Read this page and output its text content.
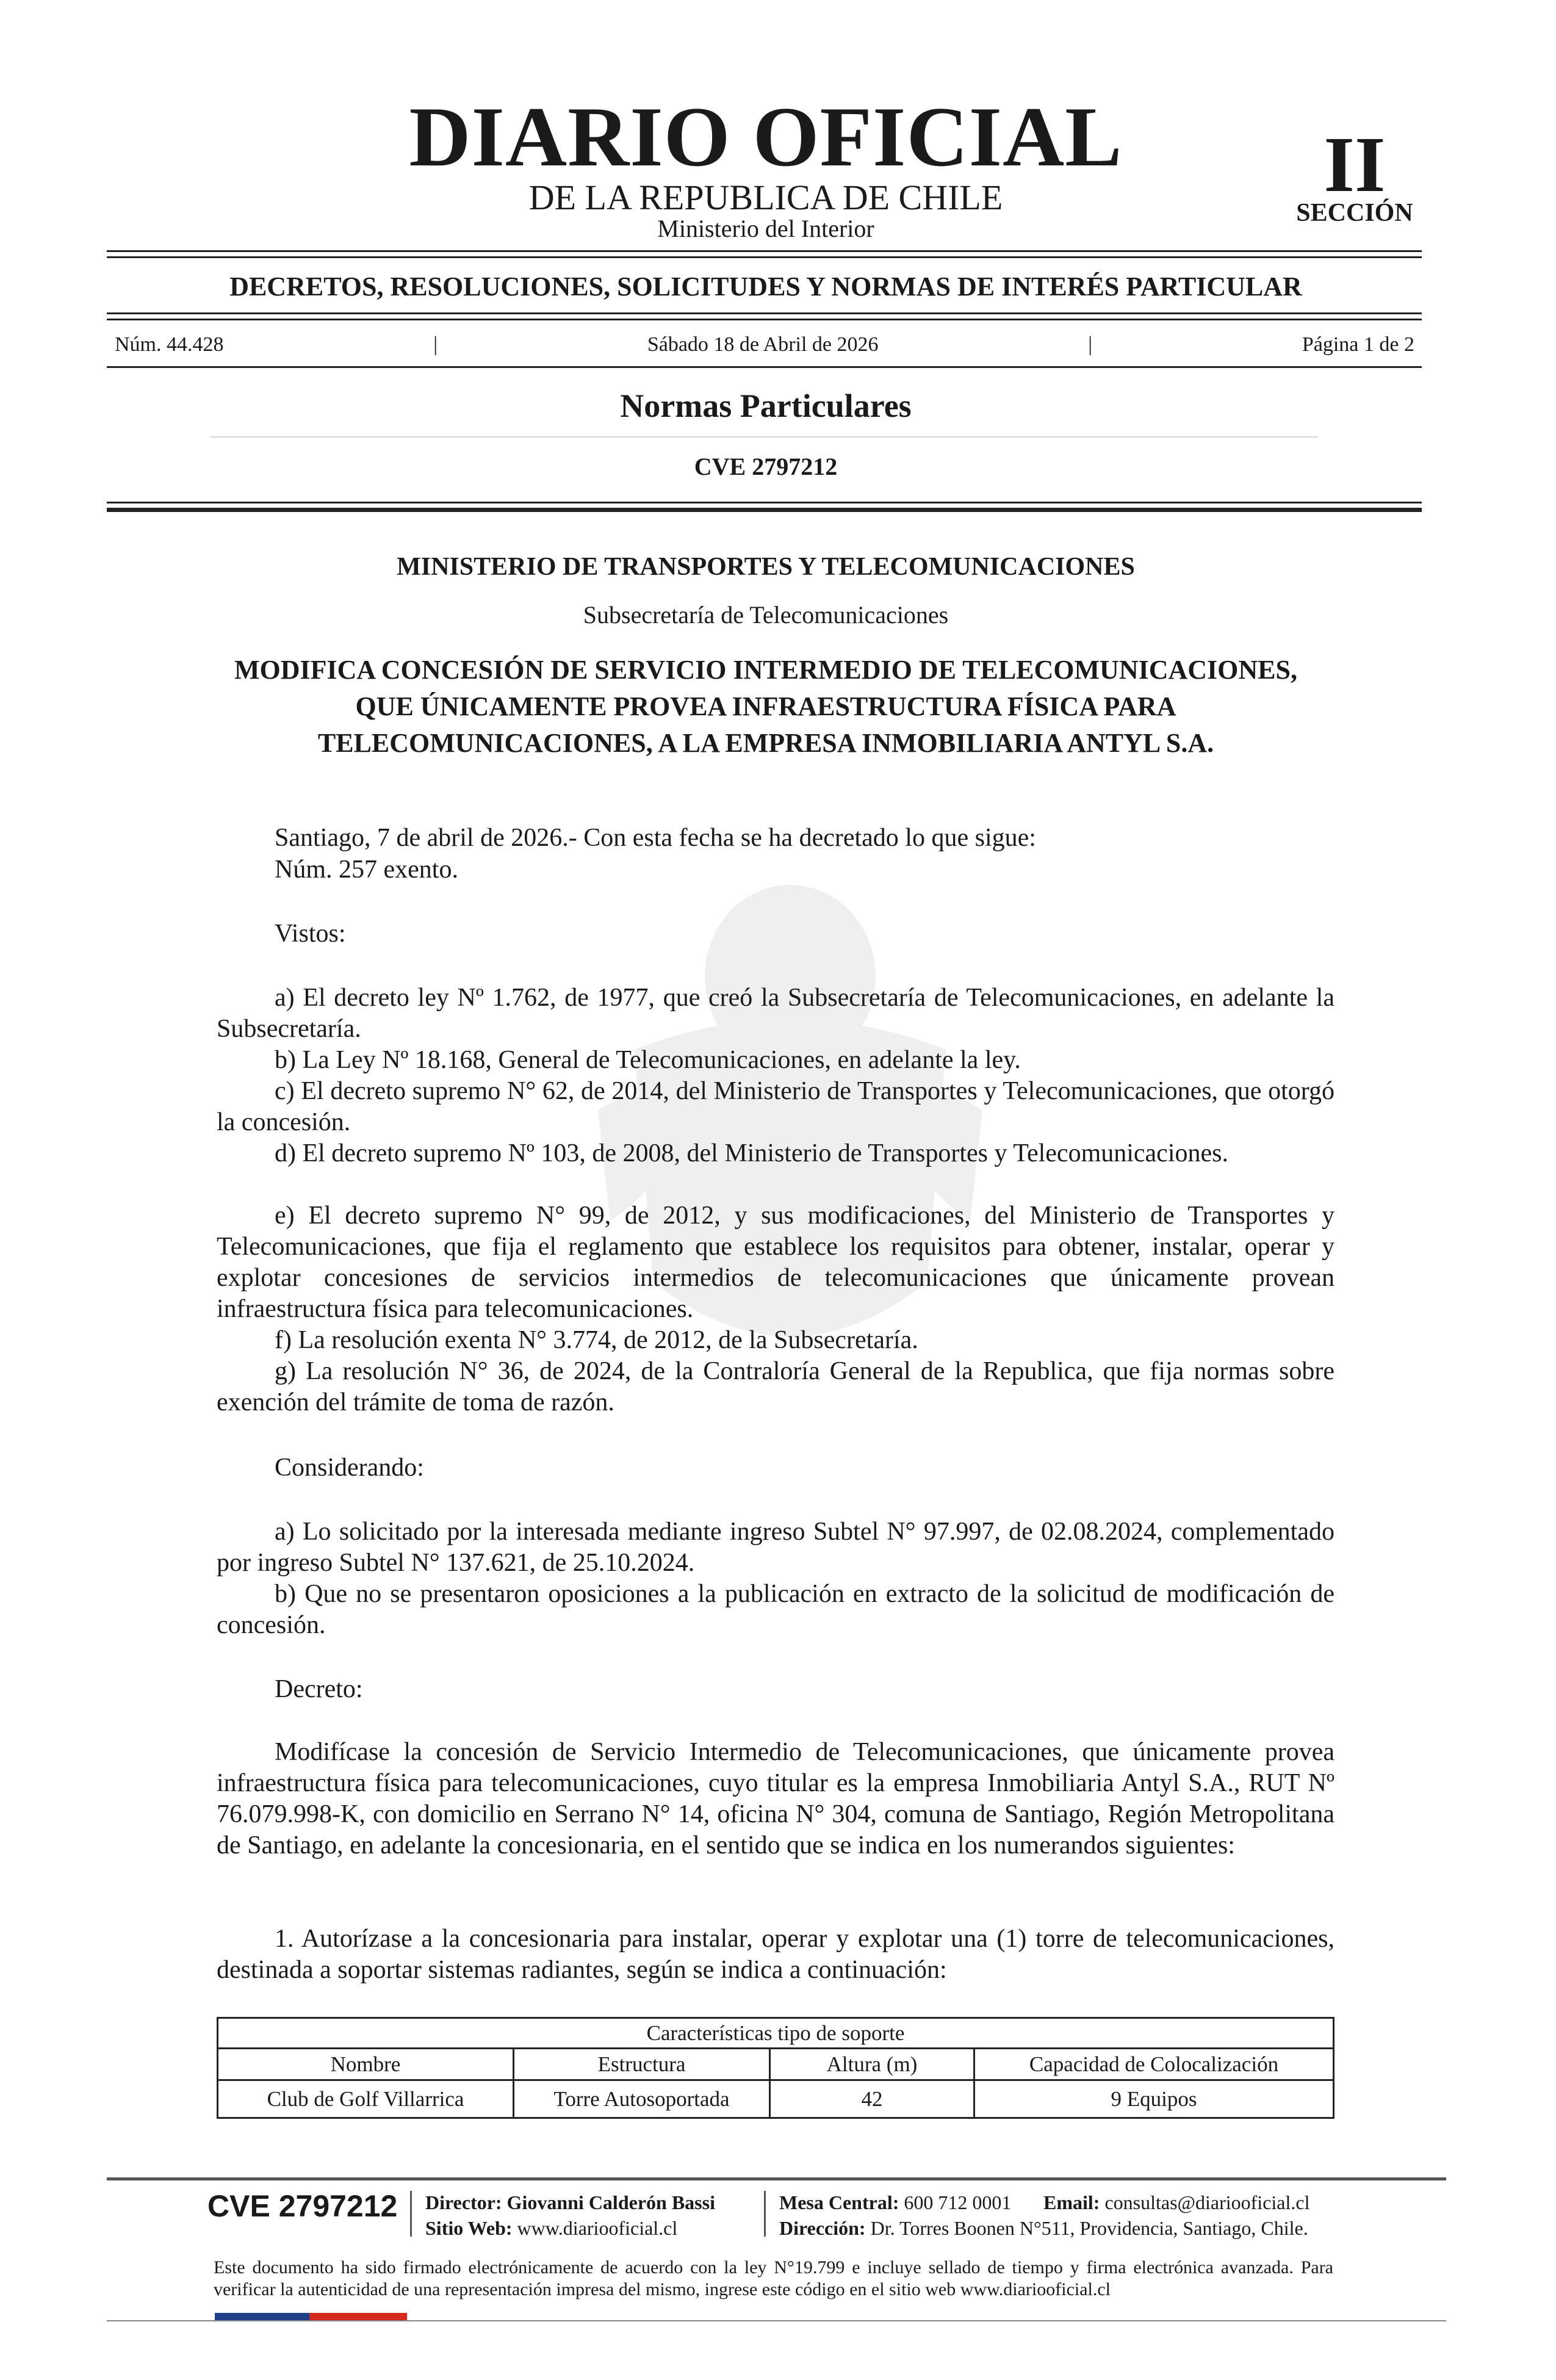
DIARIO OFICIAL
DE LA REPUBLICA DE CHILE
Ministerio del Interior
II
SECCIÓN
DECRETOS, RESOLUCIONES, SOLICITUDES Y NORMAS DE INTERÉS PARTICULAR
Núm. 44.428	|	Sábado 18 de Abril de 2026	|	Página 1 de 2
Normas Particulares
CVE 2797212
MINISTERIO DE TRANSPORTES Y TELECOMUNICACIONES
Subsecretaría de Telecomunicaciones
MODIFICA CONCESIÓN DE SERVICIO INTERMEDIO DE TELECOMUNICACIONES, QUE ÚNICAMENTE PROVEA INFRAESTRUCTURA FÍSICA PARA TELECOMUNICACIONES, A LA EMPRESA INMOBILIARIA ANTYL S.A.
Santiago, 7 de abril de 2026.- Con esta fecha se ha decretado lo que sigue:
Núm. 257 exento.
Vistos:
a) El decreto ley Nº 1.762, de 1977, que creó la Subsecretaría de Telecomunicaciones, en adelante la Subsecretaría.
b) La Ley Nº 18.168, General de Telecomunicaciones, en adelante la ley.
c) El decreto supremo N° 62, de 2014, del Ministerio de Transportes y Telecomunicaciones, que otorgó la concesión.
d) El decreto supremo Nº 103, de 2008, del Ministerio de Transportes y Telecomunicaciones.
e) El decreto supremo N° 99, de 2012, y sus modificaciones, del Ministerio de Transportes y Telecomunicaciones, que fija el reglamento que establece los requisitos para obtener, instalar, operar y explotar concesiones de servicios intermedios de telecomunicaciones que únicamente provean infraestructura física para telecomunicaciones.
f) La resolución exenta N° 3.774, de 2012, de la Subsecretaría.
g) La resolución N° 36, de 2024, de la Contraloría General de la Republica, que fija normas sobre exención del trámite de toma de razón.
Considerando:
a) Lo solicitado por la interesada mediante ingreso Subtel N° 97.997, de 02.08.2024, complementado por ingreso Subtel N° 137.621, de 25.10.2024.
b) Que no se presentaron oposiciones a la publicación en extracto de la solicitud de modificación de concesión.
Decreto:
Modifícase la concesión de Servicio Intermedio de Telecomunicaciones, que únicamente provea infraestructura física para telecomunicaciones, cuyo titular es la empresa Inmobiliaria Antyl S.A., RUT Nº 76.079.998-K, con domicilio en Serrano N° 14, oficina N° 304, comuna de Santiago, Región Metropolitana de Santiago, en adelante la concesionaria, en el sentido que se indica en los numerandos siguientes:
1. Autorízase a la concesionaria para instalar, operar y explotar una (1) torre de telecomunicaciones, destinada a soportar sistemas radiantes, según se indica a continuación:
Características tipo de soporte			
Nombre	Estructura	Altura (m)	Capacidad de Colocalización
Club de Golf Villarrica	Torre Autosoportada	42	9 Equipos
CVE 2797212 Director: Giovanni Calderón Bassi
Sitio Web: www.diariooficial.cl
Mesa Central: 600 712 0001 Email: consultas@diariooficial.cl
Dirección: Dr. Torres Boonen N°511, Providencia, Santiago, Chile.
Este documento ha sido firmado electrónicamente de acuerdo con la ley N°19.799 e incluye sellado de tiempo y firma electrónica avanzada. Para verificar la autenticidad de una representación impresa del mismo, ingrese este código en el sitio web www.diariooficial.cl
